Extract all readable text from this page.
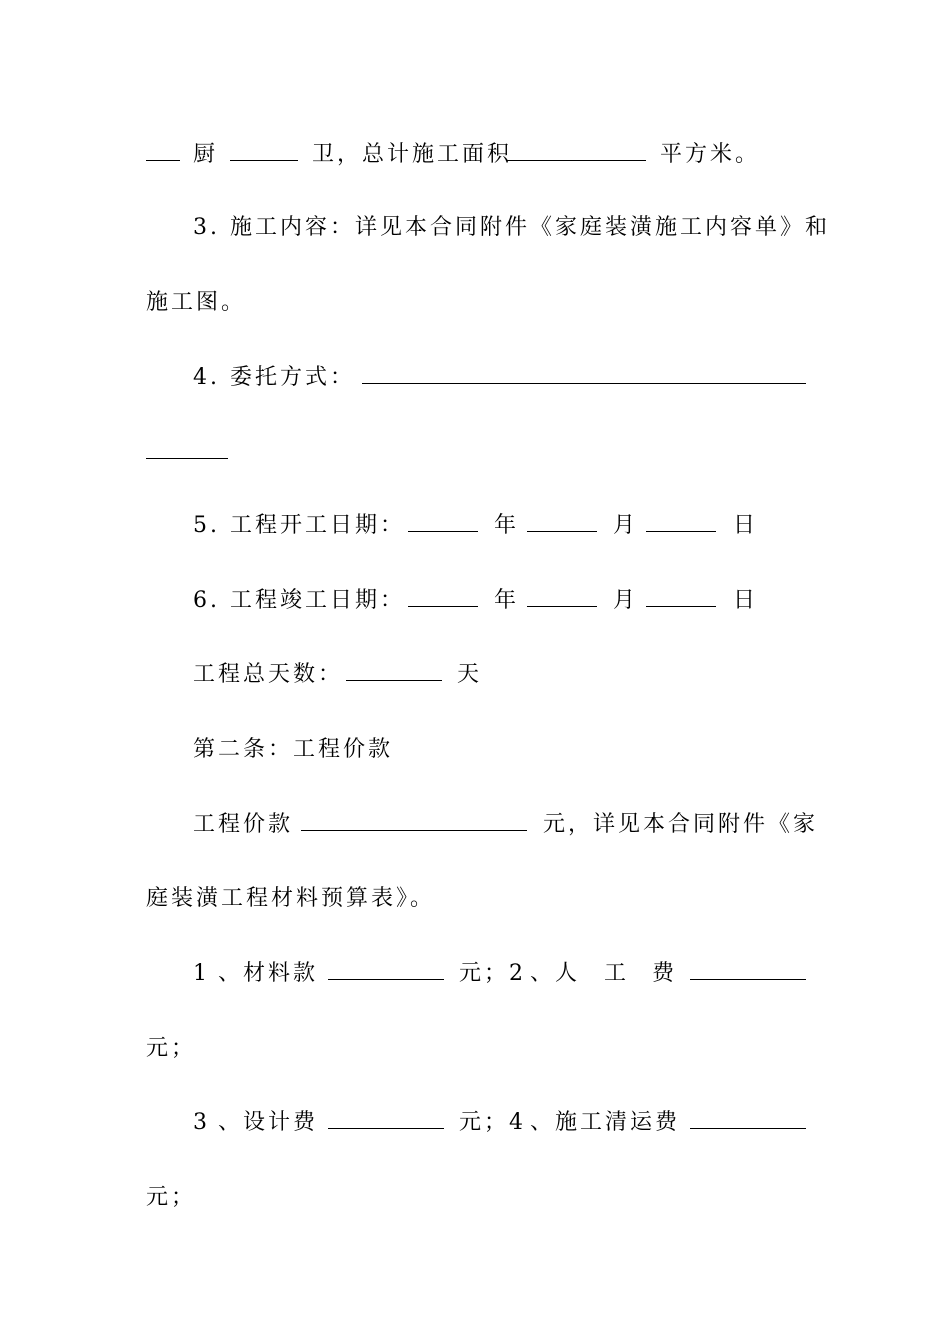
厨	卫，总计施工面积	平方米。
3. 施工内容：详见本合同附件《家庭装潢施工内容单》和
施工图。
4. 委托方式：
5. 工程开工日期：	年	月	日
6. 工程竣工日期：	年	月	日
工程总天数：	天
第二条：工程价款
工程价款	元，详见本合同附件《家
庭装潢工程材料预算表》。
1 、材料款	元；2 、人 工 费
元；
3 、设计费	元；4 、施工清运费
元；
